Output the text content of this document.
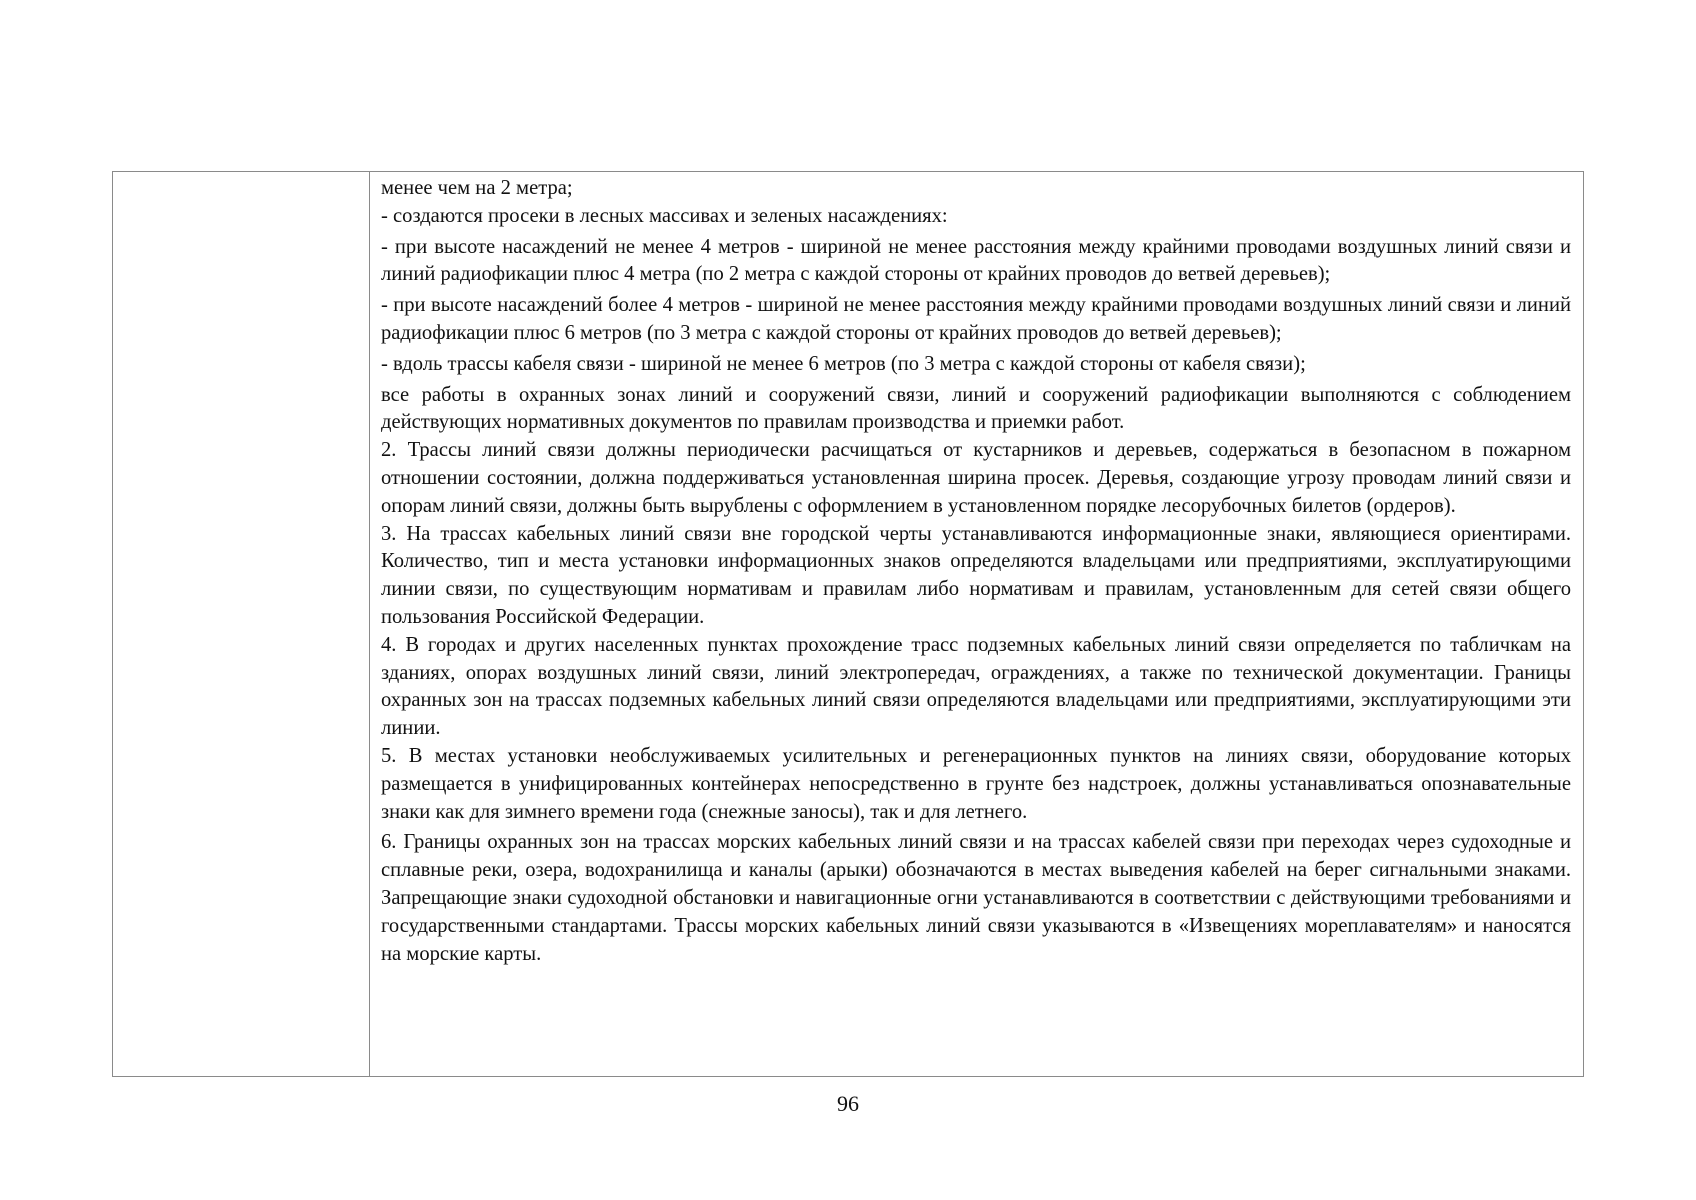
менее чем на 2 метра;

- создаются просеки в лесных массивах и зеленых насаждениях:

- при высоте насаждений не менее 4 метров - шириной не менее расстояния между крайними проводами воздушных линий связи и линий радиофикации плюс 4 метра (по 2 метра с каждой стороны от крайних проводов до ветвей деревьев);

- при высоте насаждений более 4 метров - шириной не менее расстояния между крайними проводами воздушных линий связи и линий радиофикации плюс 6 метров (по 3 метра с каждой стороны от крайних проводов до ветвей деревьев);

- вдоль трассы кабеля связи - шириной не менее 6 метров (по 3 метра с каждой стороны от кабеля связи);

все работы в охранных зонах линий и сооружений связи, линий и сооружений радиофикации выполняются с соблюдением действующих нормативных документов по правилам производства и приемки работ.

2. Трассы линий связи должны периодически расчищаться от кустарников и деревьев, содержаться в безопасном в пожарном отношении состоянии, должна поддерживаться установленная ширина просек. Деревья, создающие угрозу проводам линий связи и опорам линий связи, должны быть вырублены с оформлением в установленном порядке лесорубочных билетов (ордеров).

3. На трассах кабельных линий связи вне городской черты устанавливаются информационные знаки, являющиеся ориентирами. Количество, тип и места установки информационных знаков определяются владельцами или предприятиями, эксплуатирующими линии связи, по существующим нормативам и правилам либо нормативам и правилам, установленным для сетей связи общего пользования Российской Федерации.

4. В городах и других населенных пунктах прохождение трасс подземных кабельных линий связи определяется по табличкам на зданиях, опорах воздушных линий связи, линий электропередач, ограждениях, а также по технической документации. Границы охранных зон на трассах подземных кабельных линий связи определяются владельцами или предприятиями, эксплуатирующими эти линии.

5. В местах установки необслуживаемых усилительных и регенерационных пунктов на линиях связи, оборудование которых размещается в унифицированных контейнерах непосредственно в грунте без надстроек, должны устанавливаться опознавательные знаки как для зимнего времени года (снежные заносы), так и для летнего.

6. Границы охранных зон на трассах морских кабельных линий связи и на трассах кабелей связи при переходах через судоходные и сплавные реки, озера, водохранилища и каналы (арыки) обозначаются в местах выведения кабелей на берег сигнальными знаками. Запрещающие знаки судоходной обстановки и навигационные огни устанавливаются в соответствии с действующими требованиями и государственными стандартами. Трассы морских кабельных линий связи указываются в «Извещениях мореплавателям» и наносятся на морские карты.

96
